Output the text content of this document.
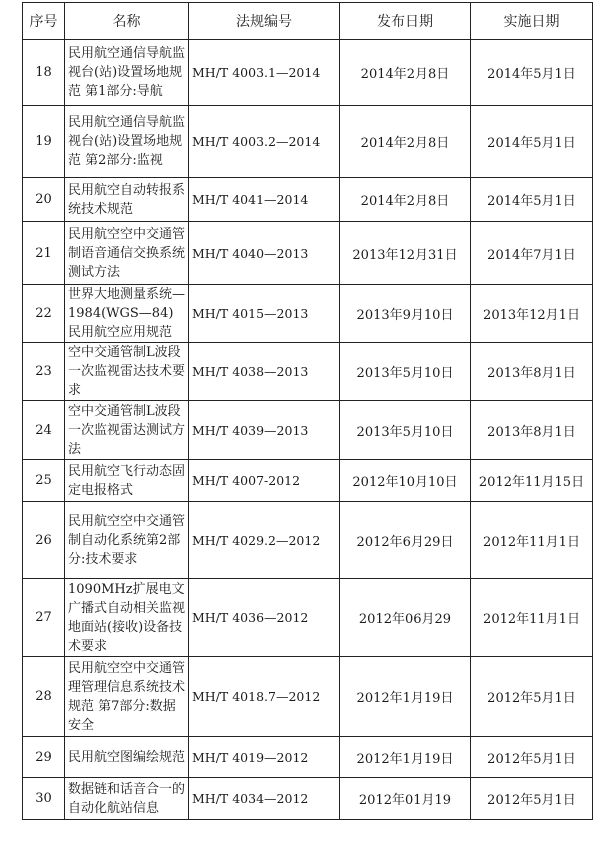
序号	名称	法规编号	发布日期	实施日期
18	民用航空通信导航监视台(站)设置场地规范 第1部分:导航	MH/T 4003.1—2014	2014年2月8日	2014年5月1日
19	民用航空通信导航监视台(站)设置场地规范 第2部分:监视	MH/T 4003.2—2014	2014年2月8日	2014年5月1日
20	民用航空自动转报系统技术规范	MH/T 4041—2014	2014年2月8日	2014年5月1日
21	民用航空空中交通管制语音通信交换系统测试方法	MH/T 4040—2013	2013年12月31日	2014年7月1日
22	世界大地测量系统—1984(WGS—84)民用航空应用规范	MH/T 4015—2013	2013年9月10日	2013年12月1日
23	空中交通管制L波段一次监视雷达技术要求	MH/T 4038—2013	2013年5月10日	2013年8月1日
24	空中交通管制L波段一次监视雷达测试方法	MH/T 4039—2013	2013年5月10日	2013年8月1日
25	民用航空飞行动态固定电报格式	MH/T 4007-2012	2012年10月10日	2012年11月15日
26	民用航空空中交通管制自动化系统第2部分:技术要求	MH/T 4029.2—2012	2012年6月29日	2012年11月1日
27	1090MHz扩展电文广播式自动相关监视地面站(接收)设备技术要求	MH/T 4036—2012	2012年06月29	2012年11月1日
28	民用航空空中交通管理管理信息系统技术规范 第7部分:数据安全	MH/T 4018.7—2012	2012年1月19日	2012年5月1日
29	民用航空图编绘规范	MH/T 4019—2012	2012年1月19日	2012年5月1日
30	数据链和话音合一的自动化航站信息	MH/T 4034—2012	2012年01月19	2012年5月1日
